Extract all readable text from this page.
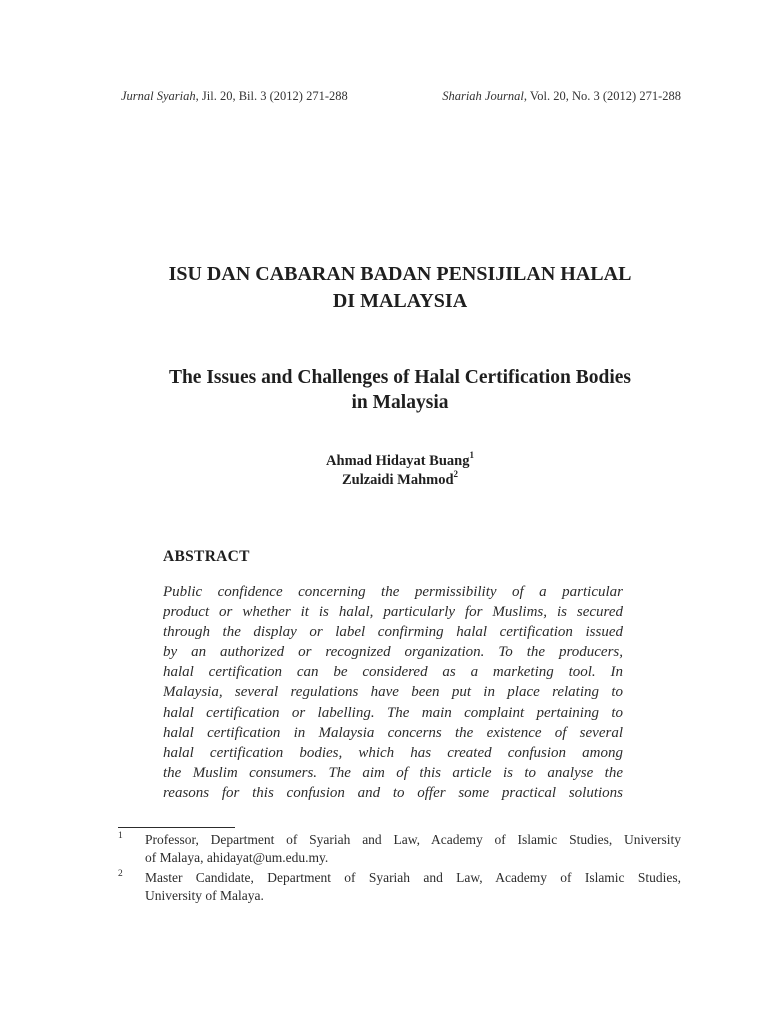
Jurnal Syariah, Jil. 20, Bil. 3 (2012) 271-288	Shariah Journal, Vol. 20, No. 3 (2012) 271-288
ISU DAN CABARAN BADAN PENSIJILAN HALAL
DI MALAYSIA
The Issues and Challenges of Halal Certification Bodies
in Malaysia
Ahmad Hidayat Buang$^1$
Zulzaidi Mahmod$^2$
ABSTRACT
Public confidence concerning the permissibility of a particular
product or whether it is halal, particularly for Muslims, is secured
through the display or label confirming halal certification issued
by an authorized or recognized organization. To the producers,
halal certification can be considered as a marketing tool. In
Malaysia, several regulations have been put in place relating to
halal certification or labelling. The main complaint pertaining to
halal certification in Malaysia concerns the existence of several
halal certification bodies, which has created confusion among
the Muslim consumers. The aim of this article is to analyse the
reasons for this confusion and to offer some practical solutions
1 Professor, Department of Syariah and Law, Academy of Islamic Studies, University
of Malaya, ahidayat@um.edu.my.
2 Master Candidate, Department of Syariah and Law, Academy of Islamic Studies,
University of Malaya.
